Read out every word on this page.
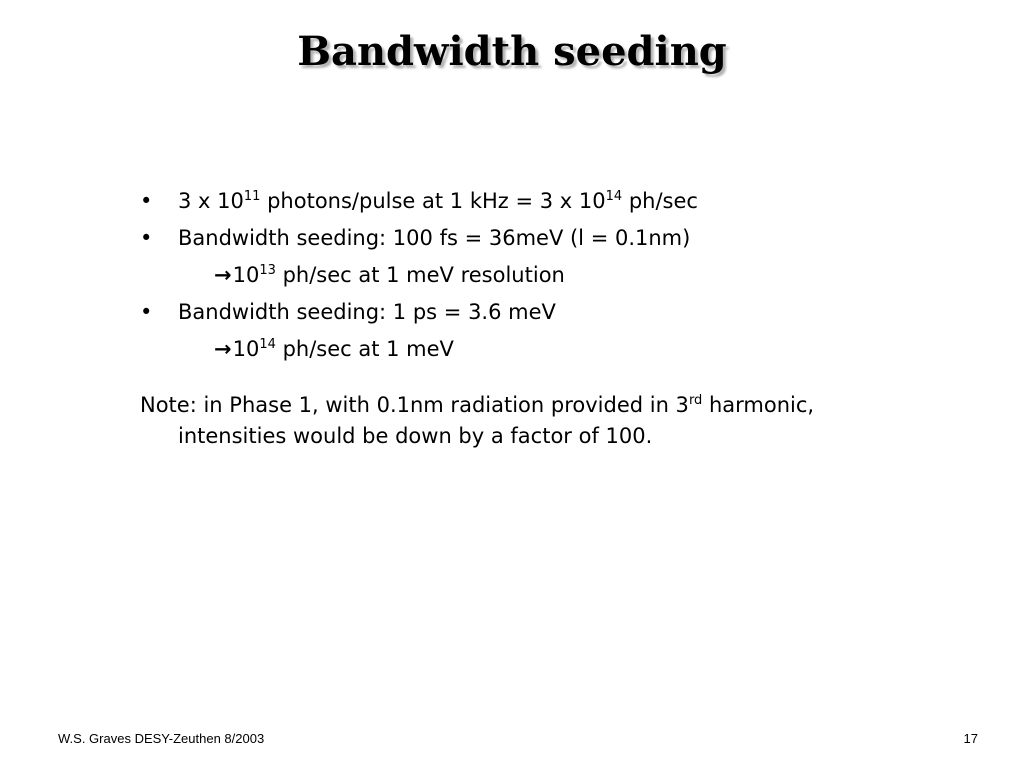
Bandwidth seeding
• 3 x $10^{11}$ photons/pulse at 1 kHz = 3 x $10^{14}$ ph/sec
• Bandwidth seeding: 100 fs = 36meV (l = 0.1nm)
$\to 10^{13}$ ph/sec at 1 meV resolution
• Bandwidth seeding: 1 ps = 3.6 meV
$\to 10^{14}$ ph/sec at 1 meV
Note: in Phase 1, with 0.1nm radiation provided in 3rd harmonic, intensities would be down by a factor of 100.
W.S. Graves DESY-Zeuthen 8/2003	17
